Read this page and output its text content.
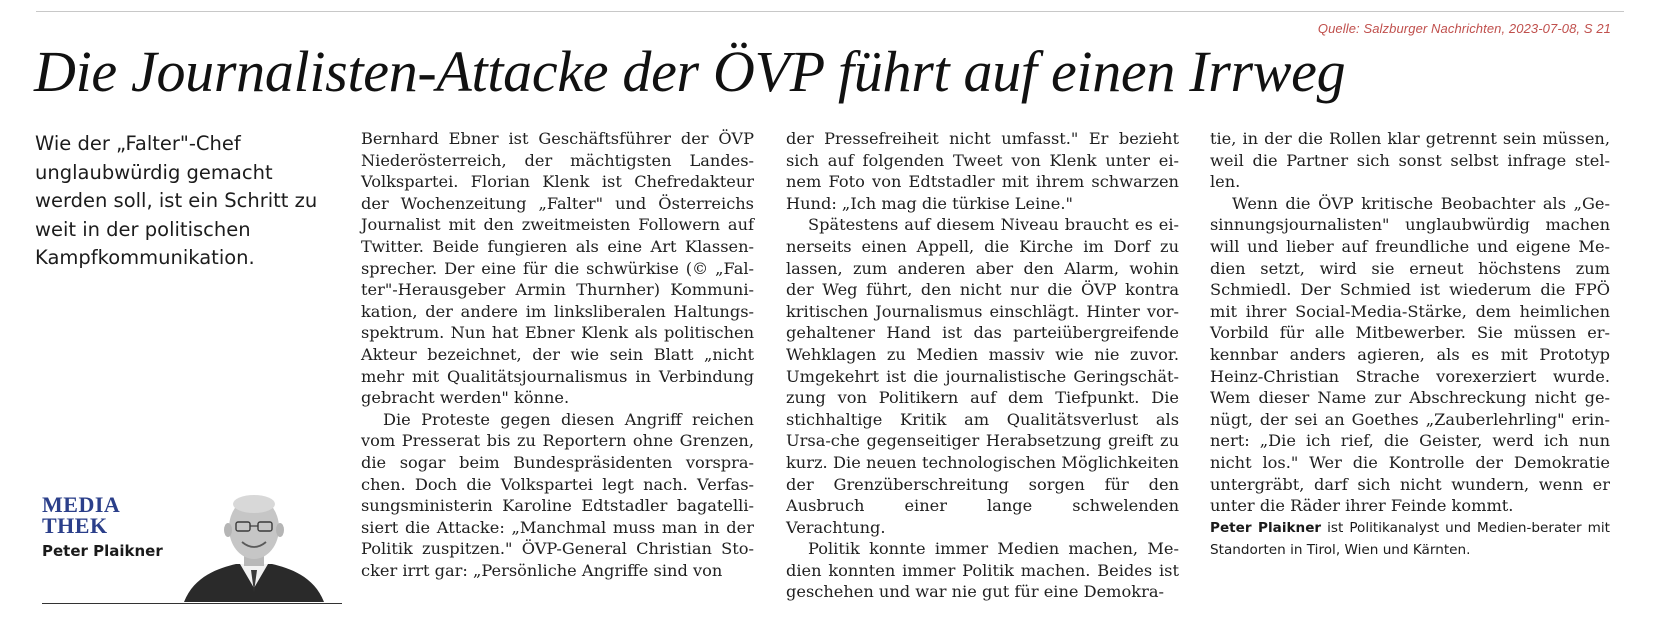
Quelle: Salzburger Nachrichten, 2023-07-08, S 21
Die Journalisten-Attacke der ÖVP führt auf einen Irrweg

Wie der „Falter"-Chef unglaubwürdig gemacht werden soll, ist ein Schritt zu weit in der politischen Kampfkommunikation.

MEDIA
THEK
Peter Plaikner

Bernhard Ebner ist Geschäftsführer der ÖVP Niederösterreich, der mächtigsten Landes-Volkspartei. Florian Klenk ist Chefredakteur der Wochenzeitung „Falter" und Österreichs Journalist mit den zweitmeisten Followern auf Twitter. Beide fungieren als eine Art Klassen-sprecher. Der eine für die schwürkise (© „Fal-ter"-Herausgeber Armin Thurnher) Kommuni-kation, der andere im linksliberalen Haltungs-spektrum. Nun hat Ebner Klenk als politischen Akteur bezeichnet, der wie sein Blatt „nicht mehr mit Qualitätsjournalismus in Verbindung gebracht werden" könne.

Die Proteste gegen diesen Angriff reichen vom Presserat bis zu Reportern ohne Grenzen, die sogar beim Bundespräsidenten vorspra-chen. Doch die Volkspartei legt nach. Verfas-sungsministerin Karoline Edtstadler bagatelli-siert die Attacke: „Manchmal muss man in der Politik zuspitzen." ÖVP-General Christian Sto-cker irrt gar: „Persönliche Angriffe sind von

der Pressefreiheit nicht umfasst." Er bezieht sich auf folgenden Tweet von Klenk unter ei-nem Foto von Edtstadler mit ihrem schwarzen Hund: „Ich mag die türkise Leine."

Spätestens auf diesem Niveau braucht es ei-nerseits einen Appell, die Kirche im Dorf zu lassen, zum anderen aber den Alarm, wohin der Weg führt, den nicht nur die ÖVP kontra kritischen Journalismus einschlägt. Hinter vor-gehaltener Hand ist das parteiübergreifende Wehklagen zu Medien massiv wie nie zuvor. Umgekehrt ist die journalistische Geringschät-zung von Politikern auf dem Tiefpunkt. Die stichhaltige Kritik am Qualitätsverlust als Ursa-che gegenseitiger Herabsetzung greift zu kurz. Die neuen technologischen Möglichkeiten der Grenzüberschreitung sorgen für den Ausbruch einer lange schwelenden Verachtung.

Politik konnte immer Medien machen, Me-dien konnten immer Politik machen. Beides ist geschehen und war nie gut für eine Demokra-

tie, in der die Rollen klar getrennt sein müssen, weil die Partner sich sonst selbst infrage stel-len.

Wenn die ÖVP kritische Beobachter als „Ge-sinnungsjournalisten" unglaubwürdig machen will und lieber auf freundliche und eigene Me-dien setzt, wird sie erneut höchstens zum Schmiedl. Der Schmied ist wiederum die FPÖ mit ihrer Social-Media-Stärke, dem heimlichen Vorbild für alle Mitbewerber. Sie müssen er-kennbar anders agieren, als es mit Prototyp Heinz-Christian Strache vorexerziert wurde. Wem dieser Name zur Abschreckung nicht ge-nügt, der sei an Goethes „Zauberlehrling" erin-nert: „Die ich rief, die Geister, werd ich nun nicht los." Wer die Kontrolle der Demokratie untergräbt, darf sich nicht wundern, wenn er unter die Räder ihrer Feinde kommt.

Peter Plaikner ist Politikanalyst und Medien-berater mit Standorten in Tirol, Wien und Kärnten.
